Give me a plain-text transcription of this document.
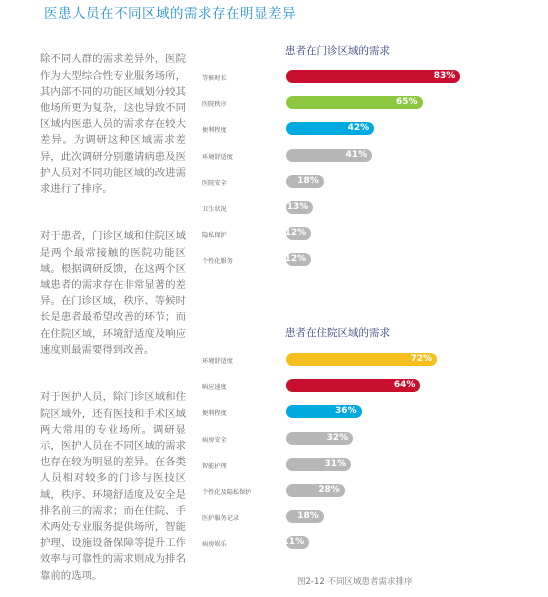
医患人员在不同区域的需求存在明显差异

除不同人群的需求差异外，医院作为大型综合性专业服务场所，其内部不同的功能区域划分较其他场所更为复杂，这也导致不同区域内医患人员的需求存在较大差异。为调研这种区域需求差异，此次调研分别邀请病患及医护人员对不同功能区域的改进需求进行了排序。

对于患者，门诊区域和住院区域是两个最常接触的医院功能区域。根据调研反馈，在这两个区域患者的需求存在非常显著的差异。在门诊区域，秩序、等候时长是患者最希望改善的环节；而在住院区域，环境舒适度及响应速度则最需要得到改善。

对于医护人员，除门诊区域和住院区域外，还有医技和手术区域两大常用的专业场所。调研显示，医护人员在不同区域的需求也存在较为明显的差异。在各类人员相对较多的门诊与医技区域，秩序、环境舒适度及安全是排名前三的需求；而在住院、手术两处专业服务提供场所，智能护理、设施设备保障等提升工作效率与可靠性的需求则成为排名靠前的选项。

患者在门诊区域的需求
等候时长	83%
医院秩序	65%
便利程度	42%
环境舒适度	41%
医院安全	18%
卫生状况	13%
隐私保护	12%
个性化服务	12%
患者在住院区域的需求
环境舒适度	72%
响应速度	64%
便利程度	36%
病房安全	32%
智能护理	31%
个性化及隐私保护	28%
医护服务记录	18%
病房娱乐	11%
图2-12 不同区域患者需求排序
